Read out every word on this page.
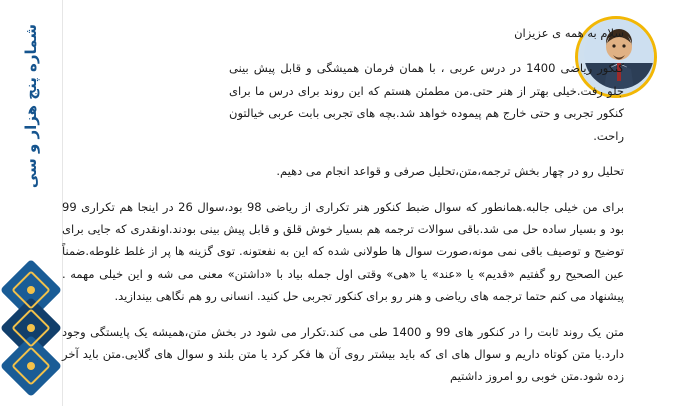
شماره پنج هزار و سی	سلام به همه ی عزیزان

کنکور ریاضی 1400 در درس عربی ، با همان فرمان همیشگی و قابل پیش بینی جلو رفت.خیلی بهتر از هنر حتی.من مطمئن هستم که این روند برای درس ما برای کنکور تجربی و حتی خارج هم پیموده خواهد شد.بچه های تجربی بابت عربی خیالتون راحت.

تحلیل رو در چهار بخش ترجمه،متن،تحلیل صرفی و قواعد انجام می دهیم.

برای من خیلی جالبه.همانطور که سوال ضبط کنکور هنر تکراری از ریاضی 98 بود،سوال 26 در اینجا هم تکراری 99 بود و بسیار ساده حل می شد.باقی سوالات ترجمه هم بسیار خوش قلق و قابل پیش بینی بودند.اونقدری که جایی برای توضیح و توصیف باقی نمی مونه،صورت سوال ها طولانی شده که این به نفعتونه. توی گزینه ها پر از غلط غلوطه.ضمناً عین الصحیح رو گفتیم «قدیم» یا «عند» یا «هی» وقتی اول جمله بیاد با «داشتن» معنی می شه و این خیلی مهمه . پیشنهاد می کنم حتما ترجمه های ریاضی و هنر رو برای کنکور تجربی حل کنید. انسانی رو هم نگاهی بیندازید.

متن یک روند ثابت را در کنکور های 99 و 1400 طی می کند.تکرار می شود در بخش متن،همیشه یک پایستگی وجود دارد.یا متن کوتاه داریم و سوال های ای که باید بیشتر روی آن ها فکر کرد یا متن بلند و سوال های گلایی.متن باید آخر زده شود.متن خوبی رو امروز داشتیم
